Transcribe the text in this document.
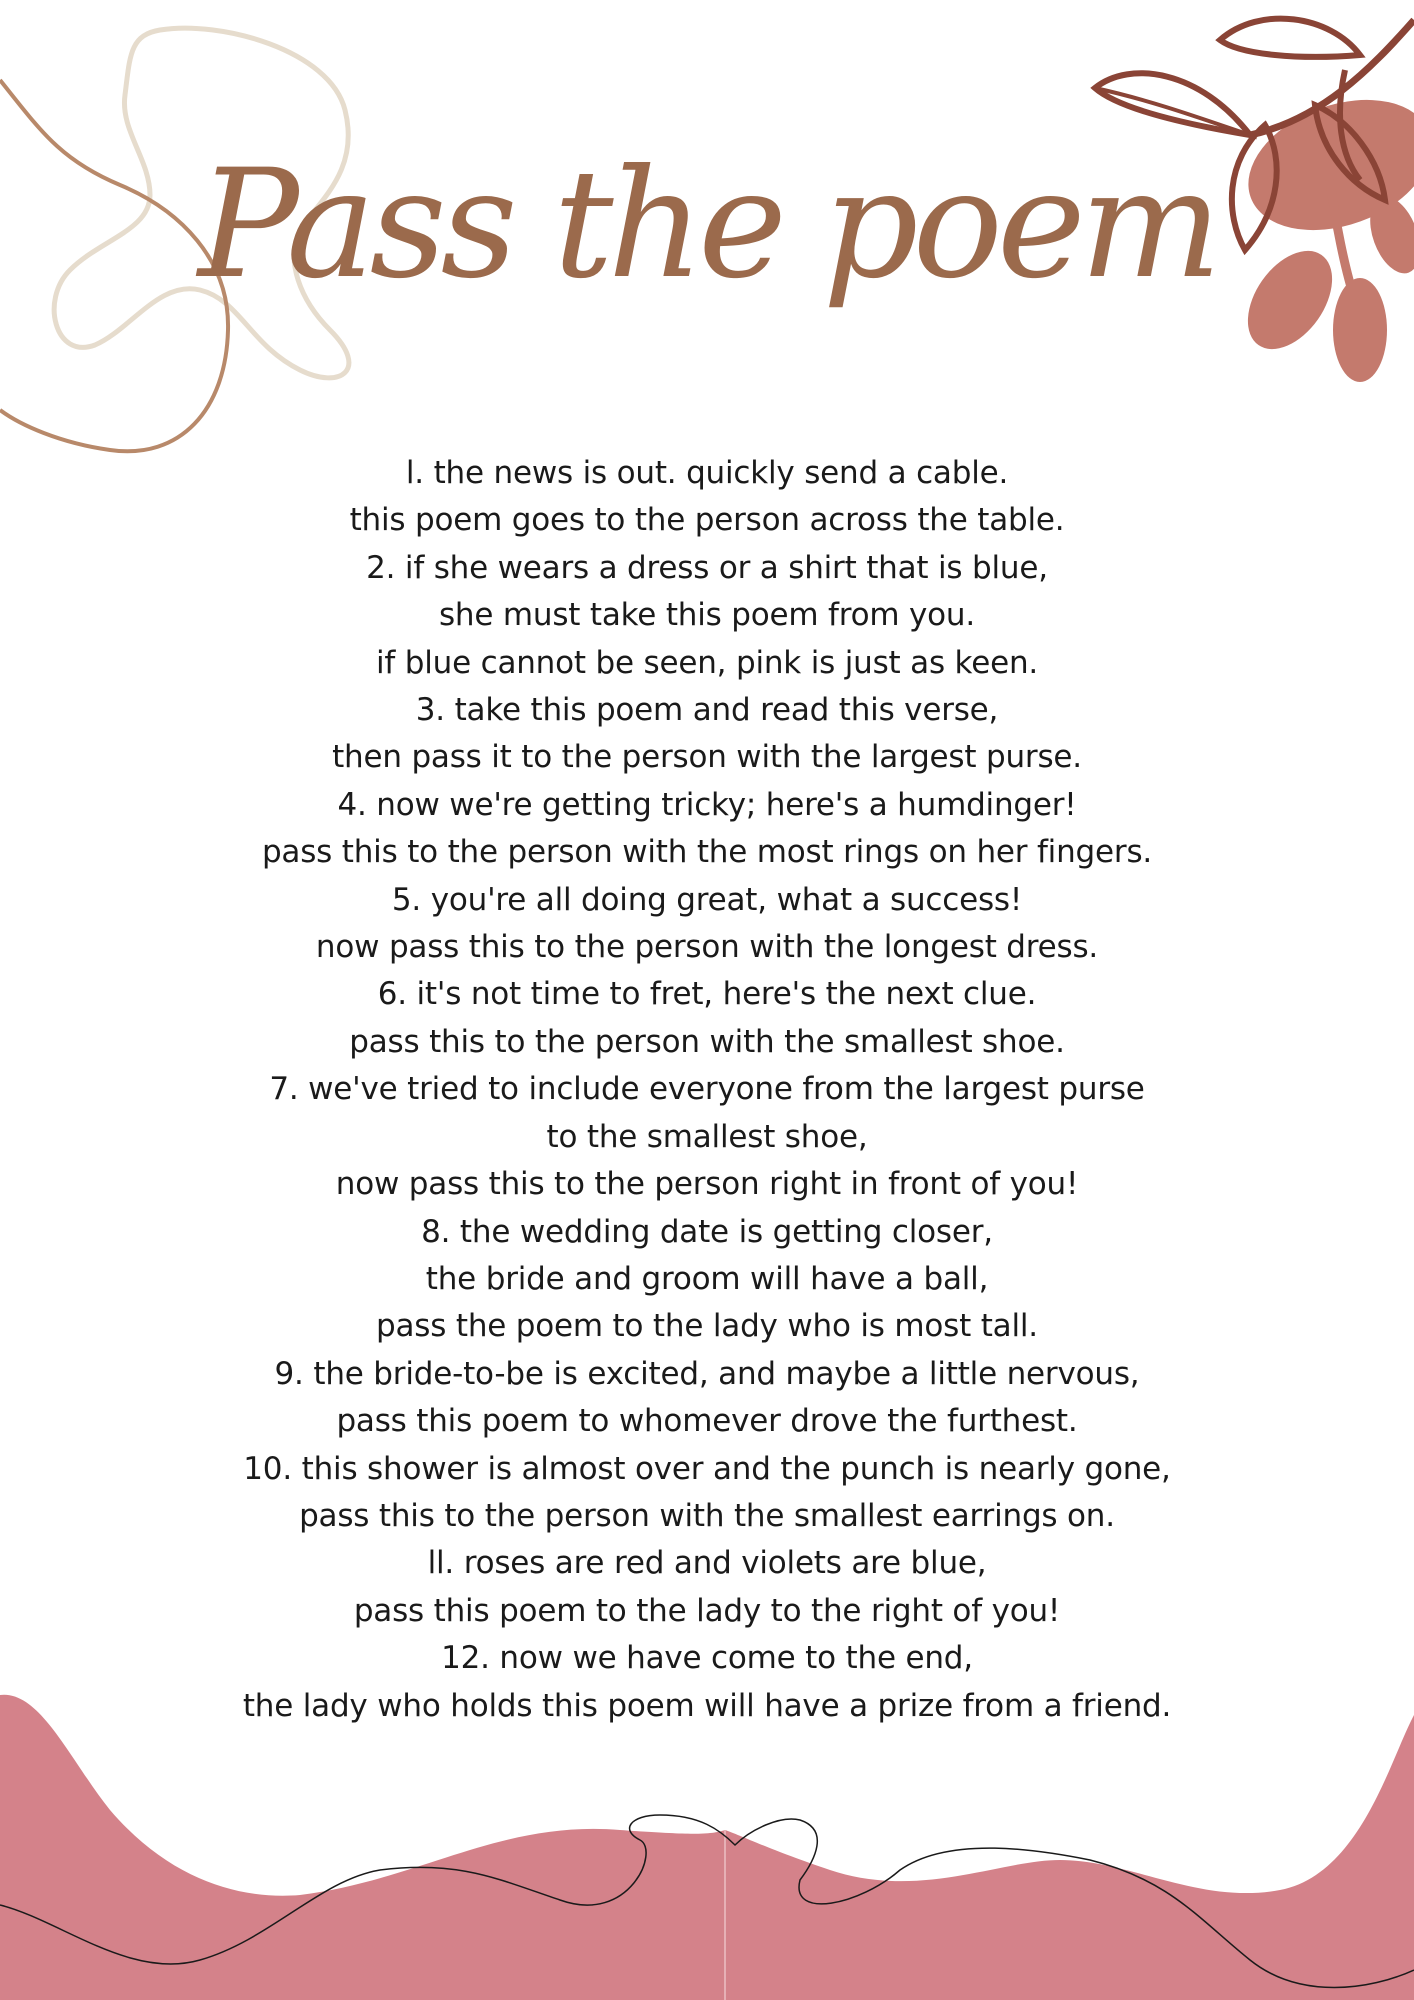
Pass the poem
l. the news is out. quickly send a cable.
this poem goes to the person across the table.
2. if she wears a dress or a shirt that is blue,
she must take this poem from you.
if blue cannot be seen, pink is just as keen.
3. take this poem and read this verse,
then pass it to the person with the largest purse.
4. now we're getting tricky; here's a humdinger!
pass this to the person with the most rings on her fingers.
5. you're all doing great, what a success!
now pass this to the person with the longest dress.
6. it's not time to fret, here's the next clue.
pass this to the person with the smallest shoe.
7. we've tried to include everyone from the largest purse
to the smallest shoe,
now pass this to the person right in front of you!
8. the wedding date is getting closer,
the bride and groom will have a ball,
pass the poem to the lady who is most tall.
9. the bride-to-be is excited, and maybe a little nervous,
pass this poem to whomever drove the furthest.
10. this shower is almost over and the punch is nearly gone,
pass this to the person with the smallest earrings on.
ll. roses are red and violets are blue,
pass this poem to the lady to the right of you!
12. now we have come to the end,
the lady who holds this poem will have a prize from a friend.
